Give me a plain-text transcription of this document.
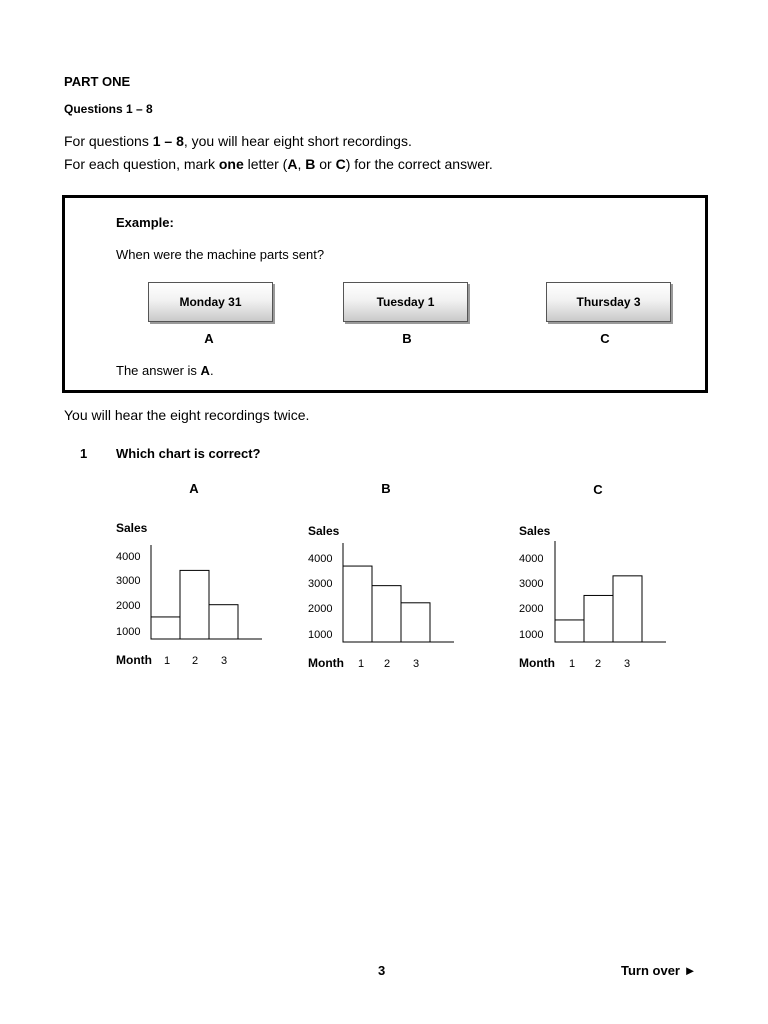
PART ONE
Questions 1 – 8
For questions 1 – 8, you will hear eight short recordings.
For each question, mark one letter (A, B or C) for the correct answer.
Example:
When were the machine parts sent?
Monday 31	Tuesday 1	Thursday 3
A	B	C
The answer is A.
You will hear the eight recordings twice.
1 Which chart is correct?
A	B	C
Sales
1000
2000
3000
4000
Month 1 2 3
Sales
1000
2000
3000
4000
Month 1 2 3
Sales
1000
2000
3000
4000
Month 1 2 3
3	Turn over ►
